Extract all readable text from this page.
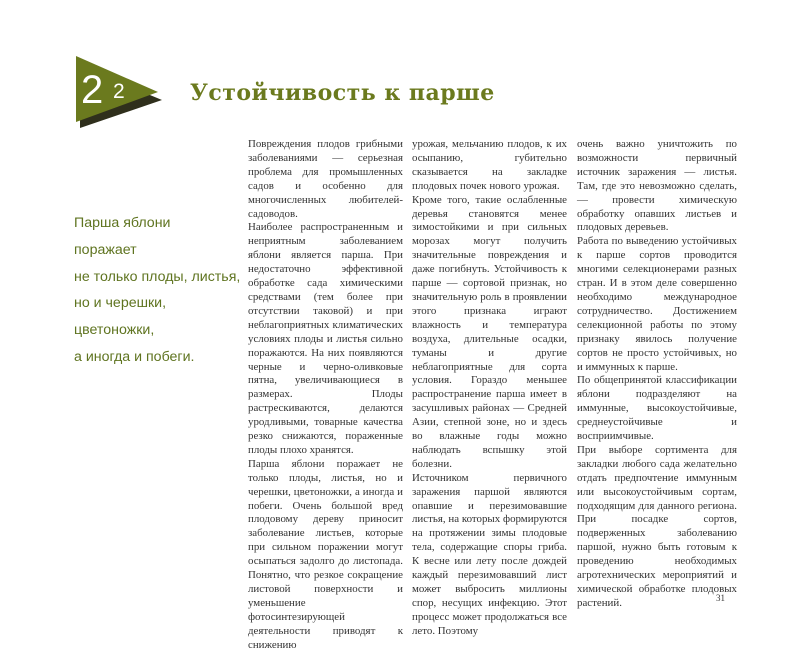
2 2	Устойчивость к парше
Парша яблони
поражает
не только плоды, листья,
но и черешки,
цветоножки,
а иногда и побеги.

Повреждения плодов грибными заболеваниями — серьезная проблема для промышленных садов и особенно для многочисленных любителей-садоводов.

Наиболее распространенным и неприятным заболеванием яблони является парша. При недостаточно эффективной обработке сада химическими средствами (тем более при отсутствии таковой) и при неблагоприятных климатических условиях плоды и листья сильно поражаются. На них появляются черные и черно-оливковые пятна, увеличивающиеся в размерах. Плоды растрескиваются, делаются уродливыми, товарные качества резко снижаются, пораженные плоды плохо хранятся.

Парша яблони поражает не только плоды, листья, но и черешки, цветоножки, а иногда и побеги. Очень большой вред плодовому дереву приносит заболевание листьев, которые при сильном поражении могут осыпаться задолго до листопада. Понятно, что резкое сокращение листовой поверхности и уменьшение фотосинтезирующей деятельности приводят к снижению

урожая, мельчанию плодов, к их осыпанию, губительно сказывается на закладке плодовых почек нового урожая.

Кроме того, такие ослабленные деревья становятся менее зимостойкими и при сильных морозах могут получить значительные повреждения и даже погибнуть. Устойчивость к парше — сортовой признак, но значительную роль в проявлении этого признака играют влажность и температура воздуха, длительные осадки, туманы и другие неблагоприятные для сорта условия. Гораздо меньшее распространение парша имеет в засушливых районах — Средней Азии, степной зоне, но и здесь во влажные годы можно наблюдать вспышку этой болезни.

Источником первичного заражения паршой являются опавшие и перезимовавшие листья, на которых формируются на протяжении зимы плодовые тела, содержащие споры гриба. К весне или лету после дождей каждый перезимовавший лист может выбросить миллионы спор, несущих инфекцию. Этот процесс может продолжаться все лето. Поэтому

очень важно уничтожить по возможности первичный источник заражения — листья. Там, где это невозможно сделать, — провести химическую обработку опавших листьев и плодовых деревьев.

Работа по выведению устойчивых к парше сортов проводится многими селекционерами разных стран. И в этом деле совершенно необходимо международное сотрудничество. Достижением селекционной работы по этому признаку явилось получение сортов не просто устойчивых, но и иммунных к парше.

По общепринятой классификации яблони подразделяют на иммунные, высокоустойчивые, среднеустойчивые и восприимчивые.

При выборе сортимента для закладки любого сада желательно отдать предпочтение иммунным или высокоустойчивым сортам, подходящим для данного региона. При посадке сортов, подверженных заболеванию паршой, нужно быть готовым к проведению необходимых агротехнических мероприятий и химической обработке плодовых растений.	31
